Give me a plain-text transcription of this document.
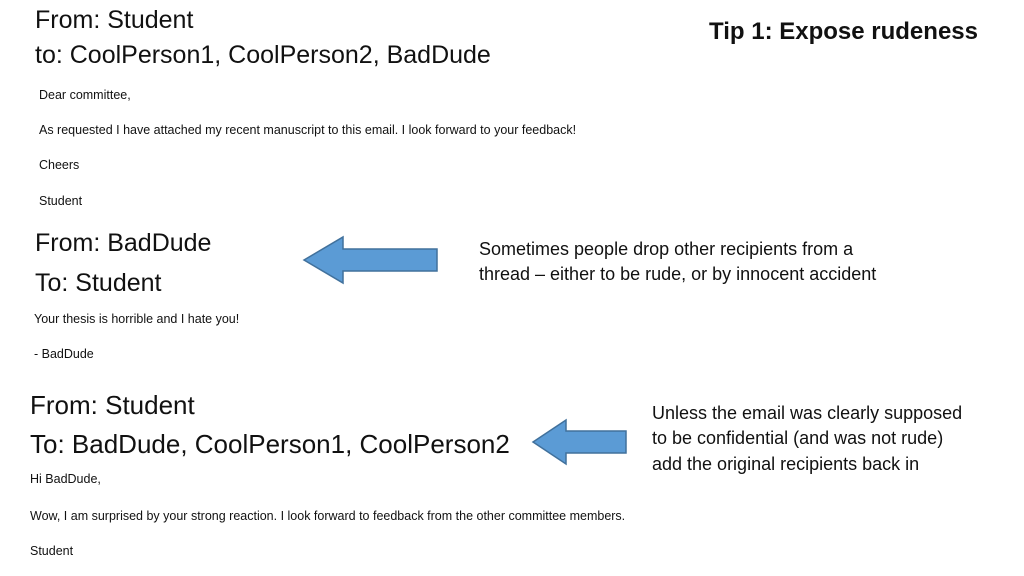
Tip 1: Expose rudeness
From: Student
to: CoolPerson1, CoolPerson2, BadDude
Dear committee,
As requested I have attached my recent manuscript to this email. I look forward to your feedback!
Cheers
Student
From: BadDude
To: Student
Your thesis is horrible and I hate you!
- BadDude
Sometimes people drop other recipients from a
thread – either to be rude, or by innocent accident
From: Student
To: BadDude, CoolPerson1, CoolPerson2
Hi BadDude,
Wow, I am surprised by your strong reaction. I look forward to feedback from the other committee members.
Student
Unless the email was clearly supposed
to be confidential (and was not rude)
add the original recipients back in
